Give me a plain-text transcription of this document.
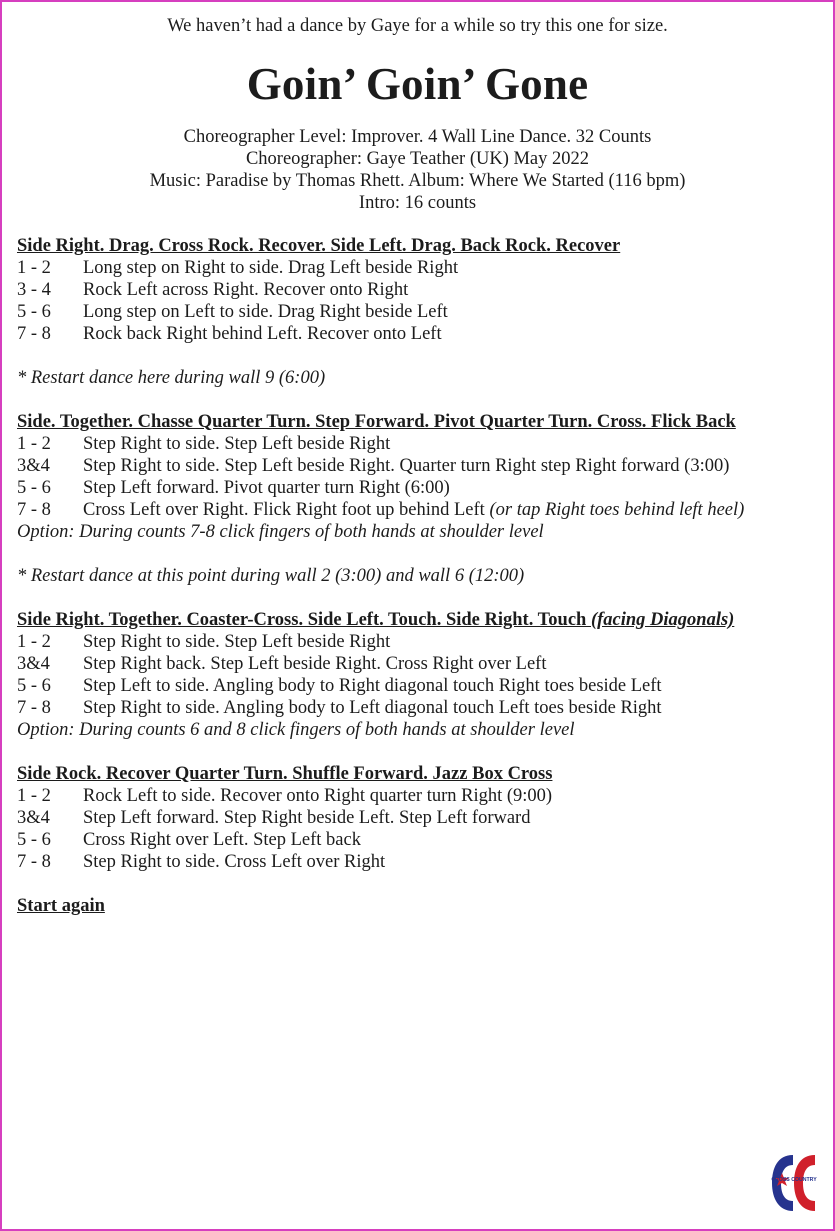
We haven’t had a dance by Gaye for a while so try this one for size.
Goin’ Goin’ Gone
Choreographer Level: Improver. 4 Wall Line Dance. 32 Counts
Choreographer: Gaye Teather (UK) May 2022
Music: Paradise by Thomas Rhett. Album: Where We Started (116 bpm)
Intro: 16 counts
Side Right. Drag. Cross Rock. Recover. Side Left. Drag. Back Rock. Recover
1 - 2 Long step on Right to side. Drag Left beside Right
3 - 4 Rock Left across Right. Recover onto Right
5 - 6 Long step on Left to side. Drag Right beside Left
7 - 8 Rock back Right behind Left. Recover onto Left
* Restart dance here during wall 9 (6:00)
Side. Together. Chasse Quarter Turn. Step Forward. Pivot Quarter Turn. Cross. Flick Back
1 - 2 Step Right to side. Step Left beside Right
3&4 Step Right to side. Step Left beside Right. Quarter turn Right step Right forward (3:00)
5 - 6 Step Left forward. Pivot quarter turn Right (6:00)
7 - 8 Cross Left over Right. Flick Right foot up behind Left (or tap Right toes behind left heel)
Option: During counts 7-8 click fingers of both hands at shoulder level
* Restart dance at this point during wall 2 (3:00) and wall 6 (12:00)
Side Right. Together. Coaster-Cross. Side Left. Touch. Side Right. Touch (facing Diagonals)
1 - 2 Step Right to side. Step Left beside Right
3&4 Step Right back. Step Left beside Right. Cross Right over Left
5 - 6 Step Left to side. Angling body to Right diagonal touch Right toes beside Left
7 - 8 Step Right to side. Angling body to Left diagonal touch Left toes beside Right
Option: During counts 6 and 8 click fingers of both hands at shoulder level
Side Rock. Recover Quarter Turn. Shuffle Forward. Jazz Box Cross
1 - 2 Rock Left to side. Recover onto Right quarter turn Right (9:00)
3&4 Step Left forward. Step Right beside Left. Step Left forward
5 - 6 Cross Right over Left. Step Left back
7 - 8 Step Right to side. Cross Left over Right
Start again
CROSS COUNTRY
